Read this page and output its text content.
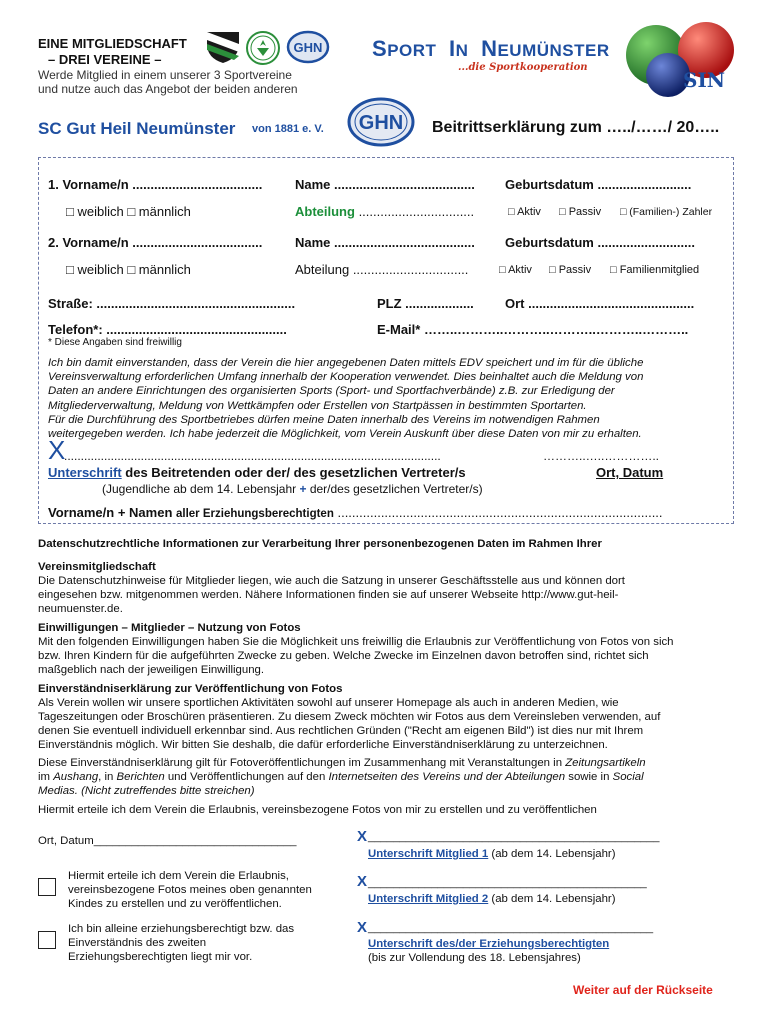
EINE MITGLIEDSCHAFT
– DREI VEREINE –
Werde Mitglied in einem unserer 3 Sportvereine
und nutze auch das Angebot der beiden anderen
GHN SPORT IN NEUMÜNSTER
...die Sportkooperation
SIN
SC Gut Heil Neumünster von 1881 e. V. GHN Beitrittserklärung zum …../……/ 20…..
1. Vorname/n ....................................	Name ....................................... Geburtsdatum ..........................
□ weiblich □ männlich	Abteilung ................................	□ Aktiv □ Passiv □ (Familien-) Zahler
2. Vorname/n ....................................	Name ....................................... Geburtsdatum ...........................
□ weiblich □ männlich	Abteilung ................................	□ Aktiv □ Passiv □ Familienmitglied
Straße: .......................................................	PLZ ................... Ort ..............................................
Telefon*: ..................................................	E-Mail* ……..………..………..………..………..………..
* Diese Angaben sind freiwillig
Ich bin damit einverstanden, dass der Verein die hier angegebenen Daten mittels EDV speichert und im für die übliche
Vereinsverwaltung erforderlichen Umfang innerhalb der Kooperation verwendet. Dies beinhaltet auch die Meldung von
Daten an andere Einrichtungen des organisierten Sports (Sport- und Sportfachverbände) z.B. zur Erledigung der
Mitgliederverwaltung, Meldung von Wettkämpfen oder Erstellen von Startpässen in bestimmten Sportarten.
Für die Durchführung des Sportbetriebes dürfen meine Daten innerhalb des Vereins im notwendigen Rahmen
weitergegeben werden. Ich habe jederzeit die Möglichkeit, vom Verein Auskunft über diese Daten von mir zu erhalten.
X
.................................................................................................................	………..…..…………..
Unterschrift des Beitretenden oder der/ des gesetzlichen Vertreter/s	Ort, Datum
(Jugendliche ab dem 14. Lebensjahr + der/des gesetzlichen Vertreter/s)
Vorname/n + Namen aller Erziehungsberechtigten ..........................................................................................
Datenschutzrechtliche Informationen zur Verarbeitung Ihrer personenbezogenen Daten im Rahmen Ihrer
Vereinsmitgliedschaft
Die Datenschutzhinweise für Mitglieder liegen, wie auch die Satzung in unserer Geschäftsstelle aus und können dort
eingesehen bzw. mitgenommen werden. Nähere Informationen finden sie auf unserer Webseite http://www.gut-heil-
neumuenster.de.
Einwilligungen – Mitglieder – Nutzung von Fotos
Mit den folgenden Einwilligungen haben Sie die Möglichkeit uns freiwillig die Erlaubnis zur Veröffentlichung von Fotos von sich
bzw. Ihren Kindern für die aufgeführten Zwecke zu geben. Welche Zwecke im Einzelnen davon betroffen sind, richtet sich
maßgeblich nach der jeweiligen Einwilligung.
Einverständniserklärung zur Veröffentlichung von Fotos
Als Verein wollen wir unsere sportlichen Aktivitäten sowohl auf unserer Homepage als auch in anderen Medien, wie
Tageszeitungen oder Broschüren präsentieren. Zu diesem Zweck möchten wir Fotos aus dem Vereinsleben verwenden, auf
denen Sie eventuell individuell erkennbar sind. Aus rechtlichen Gründen ("Recht am eigenen Bild") ist dies nur mit Ihrem
Einverständnis möglich. Wir bitten Sie deshalb, die dafür erforderliche Einverständniserklärung zu unterzeichnen.
Diese Einverständniserklärung gilt für Fotoveröffentlichungen im Zusammenhang mit Veranstaltungen in Zeitungsartikeln
im Aushang, in Berichten und Veröffentlichungen auf den Internetseiten des Vereins und der Abteilungen sowie in Social
Medias. (Nicht zutreffendes bitte streichen)
Hiermit erteile ich dem Verein die Erlaubnis, vereinsbezogene Fotos von mir zu erstellen und zu veröffentlichen
Ort, Datum________________________________	X ______________________________________________
Unterschrift Mitglied 1 (ab dem 14. Lebensjahr)
Hiermit erteile ich dem Verein die Erlaubnis,
vereinsbezogene Fotos meines oben genannten
Kindes zu erstellen und zu veröffentlichen.
X ____________________________________________
Unterschrift Mitglied 2 (ab dem 14. Lebensjahr)
Ich bin alleine erziehungsberechtigt bzw. das
Einverständnis des zweiten
Erziehungsberechtigten liegt mir vor.
X _____________________________________________
Unterschrift des/der Erziehungsberechtigten
(bis zur Vollendung des 18. Lebensjahres)
Weiter auf der Rückseite
